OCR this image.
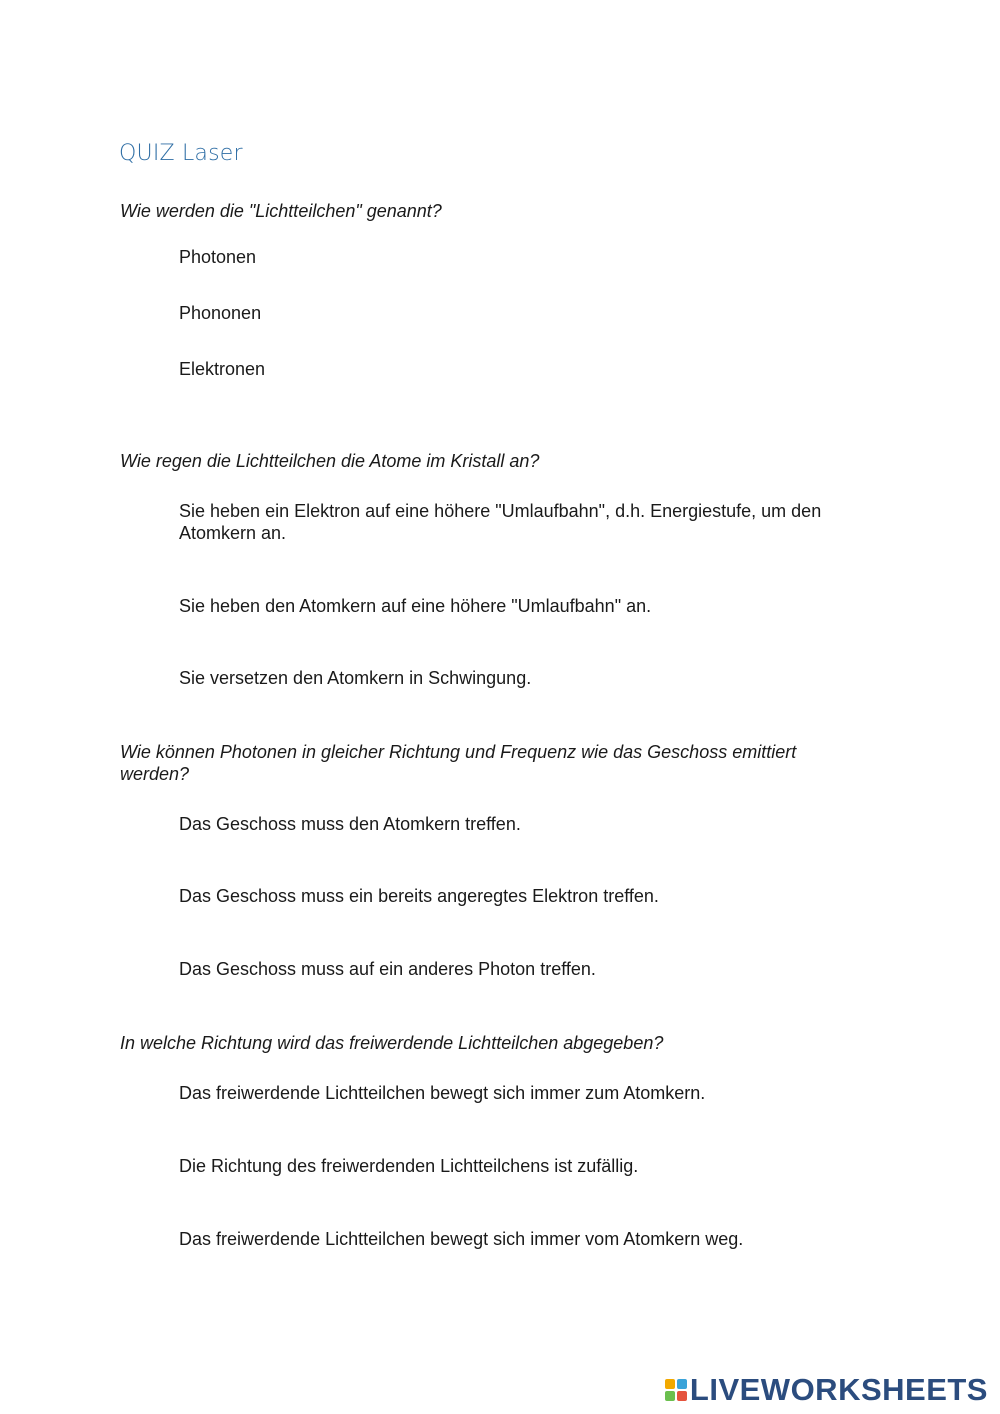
QUIZ Laser
Wie werden die "Lichtteilchen" genannt?
Photonen
Phononen
Elektronen
Wie regen die Lichtteilchen die Atome im Kristall an?
Sie heben ein Elektron auf eine höhere "Umlaufbahn", d.h. Energiestufe, um den Atomkern an.
Sie heben den Atomkern auf eine höhere "Umlaufbahn" an.
Sie versetzen den Atomkern in Schwingung.
Wie können Photonen in gleicher Richtung und Frequenz wie das Geschoss emittiert werden?
Das Geschoss muss den Atomkern treffen.
Das Geschoss muss ein bereits angeregtes Elektron treffen.
Das Geschoss muss auf ein anderes Photon treffen.
In welche Richtung wird das freiwerdende Lichtteilchen abgegeben?
Das freiwerdende Lichtteilchen bewegt sich immer zum Atomkern.
Die Richtung des freiwerdenden Lichtteilchens ist zufällig.
Das freiwerdende Lichtteilchen bewegt sich immer vom Atomkern weg.
LIVEWORKSHEETS
